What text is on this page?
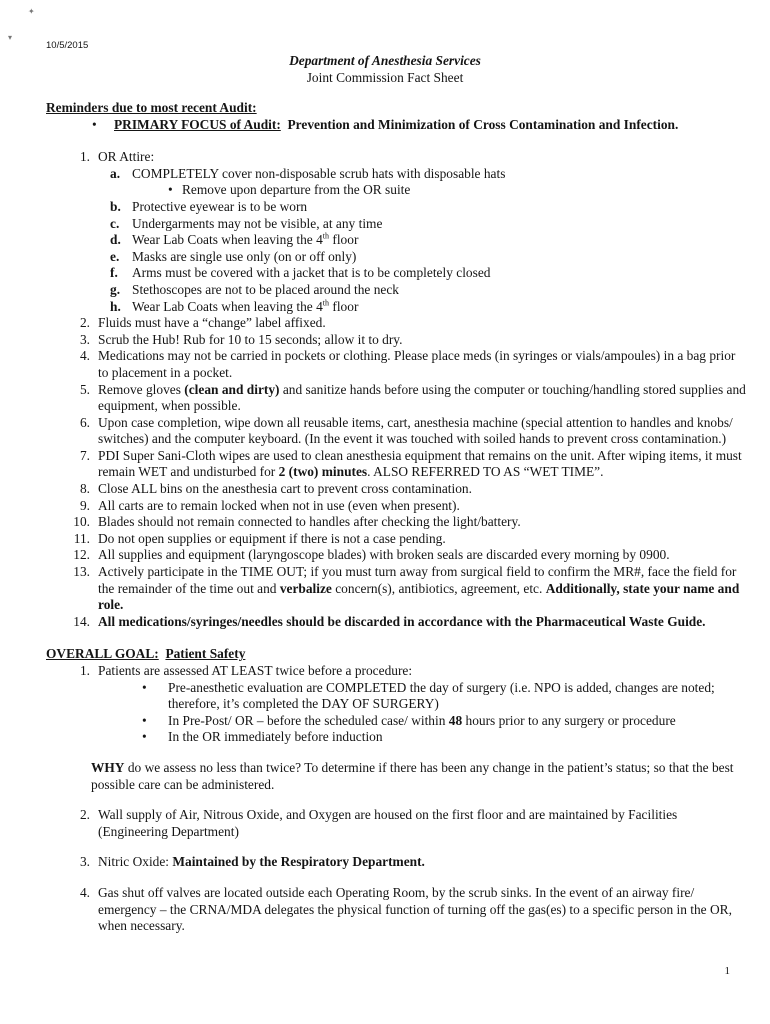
✦
▾
10/5/2015
Department of Anesthesia Services
Joint Commission Fact Sheet
Reminders due to most recent Audit:
•	PRIMARY FOCUS of Audit: Prevention and Minimization of Cross Contamination and Infection.
1. OR Attire:
a. COMPLETELY cover non-disposable scrub hats with disposable hats
• Remove upon departure from the OR suite
b. Protective eyewear is to be worn
c. Undergarments may not be visible, at any time
d. Wear Lab Coats when leaving the 4th floor
e. Masks are single use only (on or off only)
f.	Arms must be covered with a jacket that is to be completely closed
g. Stethoscopes are not to be placed around the neck
h. Wear Lab Coats when leaving the 4th floor
2. Fluids must have a “change” label affixed.
3. Scrub the Hub! Rub for 10 to 15 seconds; allow it to dry.
4. Medications may not be carried in pockets or clothing. Please place meds (in syringes or vials/ampoules) in a bag prior to placement in a pocket.
5. Remove gloves (clean and dirty) and sanitize hands before using the computer or touching/handling stored supplies and equipment, when possible.
6. Upon case completion, wipe down all reusable items, cart, anesthesia machine (special attention to handles and knobs/ switches) and the computer keyboard. (In the event it was touched with soiled hands to prevent cross contamination.)
7. PDI Super Sani-Cloth wipes are used to clean anesthesia equipment that remains on the unit. After wiping items, it must remain WET and undisturbed for 2 (two) minutes. ALSO REFERRED TO AS “WET TIME”.
8. Close ALL bins on the anesthesia cart to prevent cross contamination.
9. All carts are to remain locked when not in use (even when present).
10. Blades should not remain connected to handles after checking the light/battery.
11. Do not open supplies or equipment if there is not a case pending.
12. All supplies and equipment (laryngoscope blades) with broken seals are discarded every morning by 0900.
13. Actively participate in the TIME OUT; if you must turn away from surgical field to confirm the MR#, face the field for the remainder of the time out and verbalize concern(s), antibiotics, agreement, etc. Additionally, state your name and role.
14. All medications/syringes/needles should be discarded in accordance with the Pharmaceutical Waste Guide.
OVERALL GOAL: Patient Safety
1. Patients are assessed AT LEAST twice before a procedure:
•	Pre-anesthetic evaluation are COMPLETED the day of surgery (i.e. NPO is added, changes are noted; therefore, it’s completed the DAY OF SURGERY)
•	In Pre-Post/ OR – before the scheduled case/ within 48 hours prior to any surgery or procedure
•	In the OR immediately before induction
WHY do we assess no less than twice? To determine if there has been any change in the patient’s status; so that the best possible care can be administered.
2. Wall supply of Air, Nitrous Oxide, and Oxygen are housed on the first floor and are maintained by Facilities (Engineering Department)
3. Nitric Oxide: Maintained by the Respiratory Department.
4. Gas shut off valves are located outside each Operating Room, by the scrub sinks. In the event of an airway fire/ emergency – the CRNA/MDA delegates the physical function of turning off the gas(es) to a specific person in the OR, when necessary.
1
